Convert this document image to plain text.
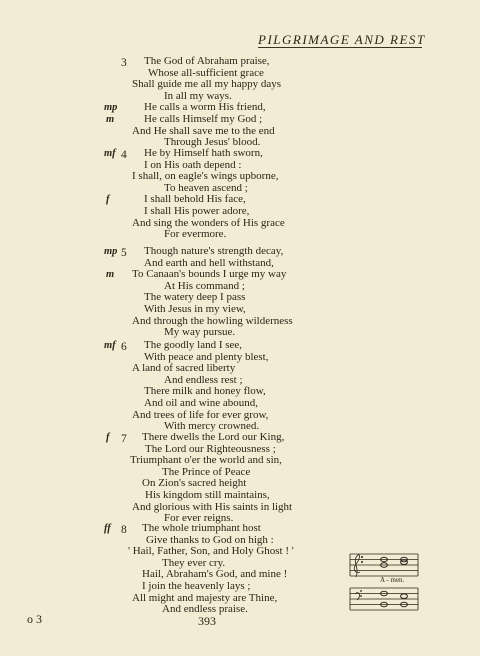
PILGRIMAGE AND REST
3 The God of Abraham praise,
Whose all-sufficient grace
Shall guide me all my happy days
In all my ways.
He calls a worm His friend,
mp
He calls Himself my God ;
m
And He shall save me to the end
Through Jesus' blood.
4 He by Himself hath sworn,
mf
I on His oath depend :
I shall, on eagle's wings upborne,
To heaven ascend ;
I shall behold His face,
f
I shall His power adore,
And sing the wonders of His grace
For evermore.
5 Though nature's strength decay,
mp
And earth and hell withstand,
To Canaan's bounds I urge my way
m
At His command ;
The watery deep I pass
With Jesus in my view,
And through the howling wilderness
My way pursue.
6 The goodly land I see,
mf
With peace and plenty blest,
A land of sacred liberty
And endless rest ;
There milk and honey flow,
And oil and wine abound,
And trees of life for ever grow,
With mercy crowned.
7 There dwells the Lord our King,
f
The Lord our Righteousness ;
Triumphant o'er the world and sin,
The Prince of Peace
On Zion's sacred height
His kingdom still maintains,
And glorious with His saints in light
For ever reigns.
8 The whole triumphant host
ff
Give thanks to God on high :
' Hail, Father, Son, and Holy Ghost ! '
They ever cry.
Hail, Abraham's God, and mine !
I join the heavenly lays ;
All might and majesty are Thine,
And endless praise.
A - men.
393
o 3
